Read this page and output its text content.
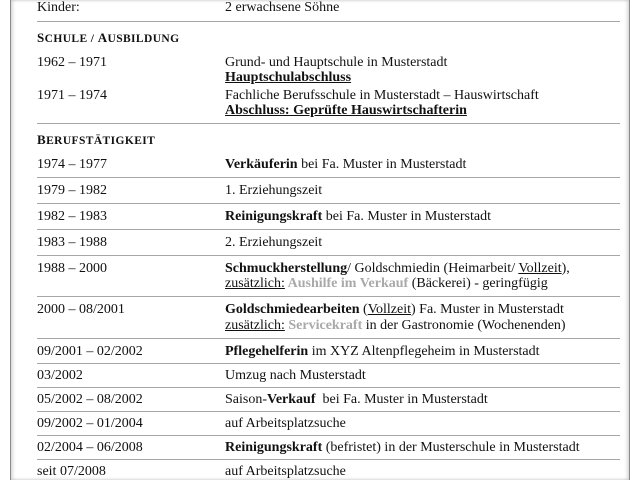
Kinder:	2 erwachsene Söhne
SCHULE / AUSBILDUNG
1962 – 1971	Grund- und Hauptschule in Musterstadt
Hauptschulabschluss
1971 – 1974	Fachliche Berufsschule in Musterstadt – Hauswirtschaft
Abschluss: Geprüfte Hauswirtschafterin
BERUFSTÄTIGKEIT
1974 – 1977	Verkäuferin bei Fa. Muster in Musterstadt
1979 – 1982	1. Erziehungszeit
1982 – 1983	Reinigungskraft bei Fa. Muster in Musterstadt
1983 – 1988	2. Erziehungszeit
1988 – 2000	Schmuckherstellung/ Goldschmiedin (Heimarbeit/ Vollzeit),
zusätzlich: Aushilfe im Verkauf (Bäckerei) - geringfügig
2000 – 08/2001	Goldschmiedearbeiten (Vollzeit) Fa. Muster in Musterstadt
zusätzlich: Servicekraft in der Gastronomie (Wochenenden)
09/2001 – 02/2002	Pflegehelferin im XYZ Altenpflegeheim in Musterstadt
03/2002	Umzug nach Musterstadt
05/2002 – 08/2002	Saison-Verkauf  bei Fa. Muster in Musterstadt
09/2002 – 01/2004	auf Arbeitsplatzsuche
02/2004 – 06/2008	Reinigungskraft (befristet) in der Musterschule in Musterstadt
seit 07/2008	auf Arbeitsplatzsuche
